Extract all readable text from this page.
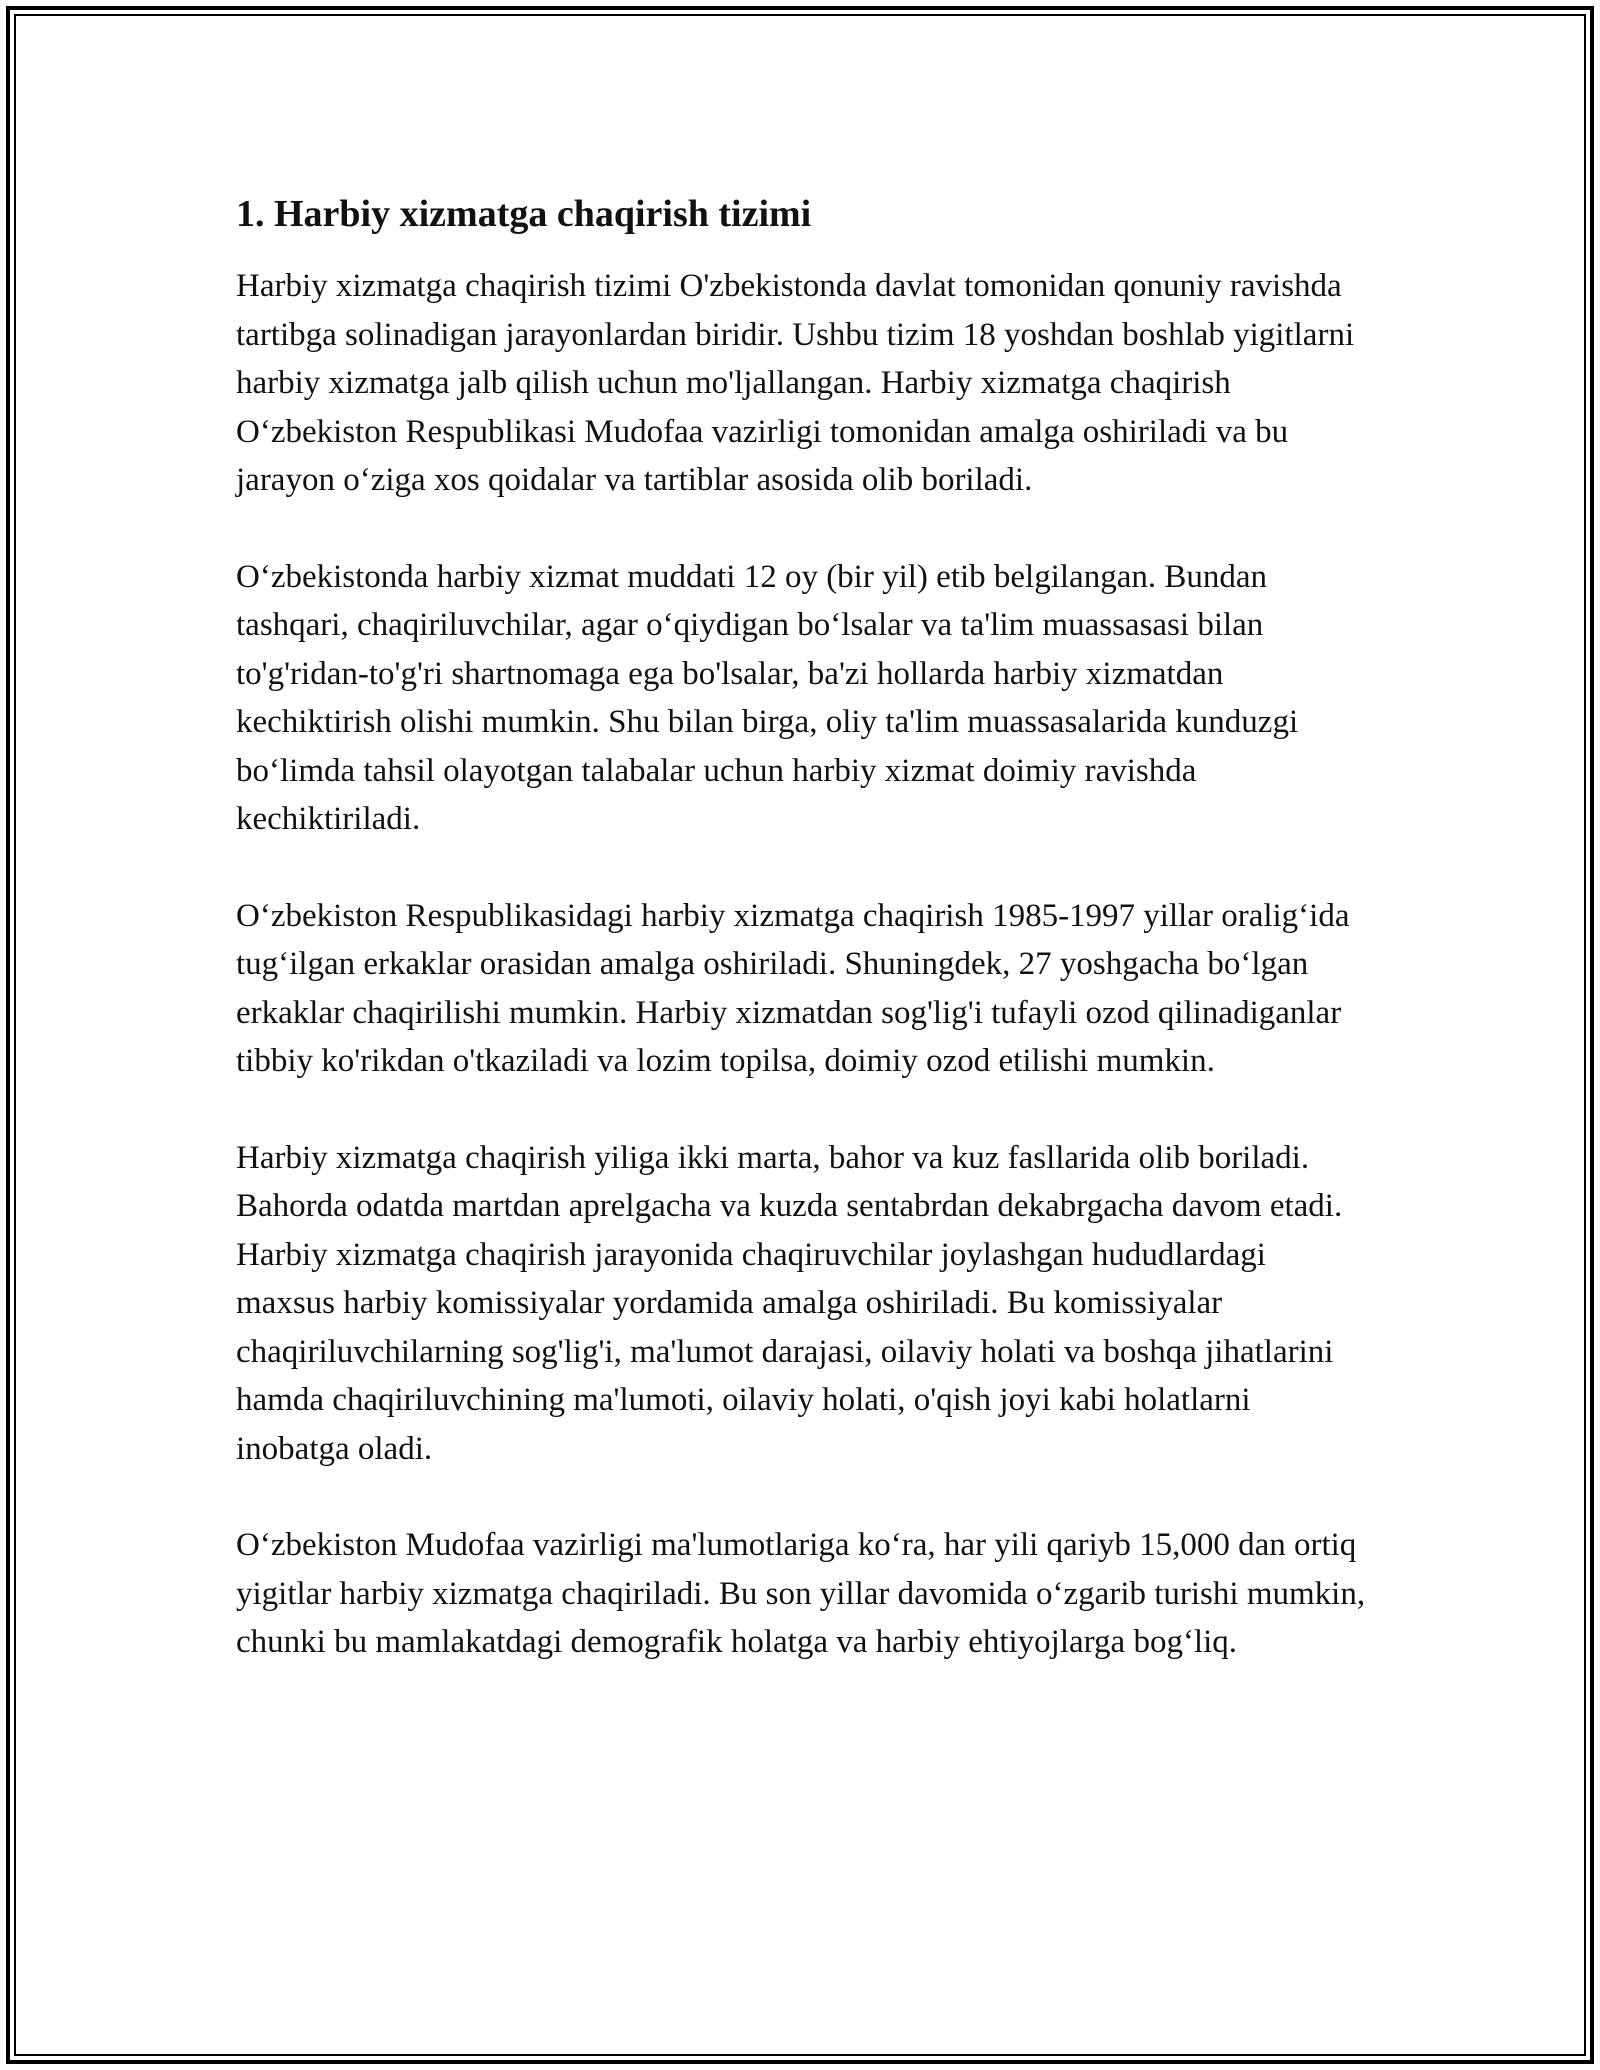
1. Harbiy xizmatga chaqirish tizimi

Harbiy xizmatga chaqirish tizimi O'zbekistonda davlat tomonidan qonuniy ravishda tartibga solinadigan jarayonlardan biridir. Ushbu tizim 18 yoshdan boshlab yigitlarni harbiy xizmatga jalb qilish uchun mo'ljallangan. Harbiy xizmatga chaqirish O‘zbekiston Respublikasi Mudofaa vazirligi tomonidan amalga oshiriladi va bu jarayon o‘ziga xos qoidalar va tartiblar asosida olib boriladi.

O‘zbekistonda harbiy xizmat muddati 12 oy (bir yil) etib belgilangan. Bundan tashqari, chaqiriluvchilar, agar o‘qiydigan bo‘lsalar va ta'lim muassasasi bilan to'g'ridan-to'g'ri shartnomaga ega bo'lsalar, ba'zi hollarda harbiy xizmatdan kechiktirish olishi mumkin. Shu bilan birga, oliy ta'lim muassasalarida kunduzgi bo‘limda tahsil olayotgan talabalar uchun harbiy xizmat doimiy ravishda kechiktiriladi.

O‘zbekiston Respublikasidagi harbiy xizmatga chaqirish 1985-1997 yillar oralig‘ida tug‘ilgan erkaklar orasidan amalga oshiriladi. Shuningdek, 27 yoshgacha bo‘lgan erkaklar chaqirilishi mumkin. Harbiy xizmatdan sog'lig'i tufayli ozod qilinadiganlar tibbiy ko'rikdan o'tkaziladi va lozim topilsa, doimiy ozod etilishi mumkin.

Harbiy xizmatga chaqirish yiliga ikki marta, bahor va kuz fasllarida olib boriladi. Bahorda odatda martdan aprelgacha va kuzda sentabrdan dekabrgacha davom etadi. Harbiy xizmatga chaqirish jarayonida chaqiruvchilar joylashgan hududlardagi maxsus harbiy komissiyalar yordamida amalga oshiriladi. Bu komissiyalar chaqiriluvchilarning sog'lig'i, ma'lumot darajasi, oilaviy holati va boshqa jihatlarini hamda chaqiriluvchining ma'lumoti, oilaviy holati, o'qish joyi kabi holatlarni inobatga oladi.

O‘zbekiston Mudofaa vazirligi ma'lumotlariga ko‘ra, har yili qariyb 15,000 dan ortiq yigitlar harbiy xizmatga chaqiriladi. Bu son yillar davomida o‘zgarib turishi mumkin, chunki bu mamlakatdagi demografik holatga va harbiy ehtiyojlarga bog‘liq.
